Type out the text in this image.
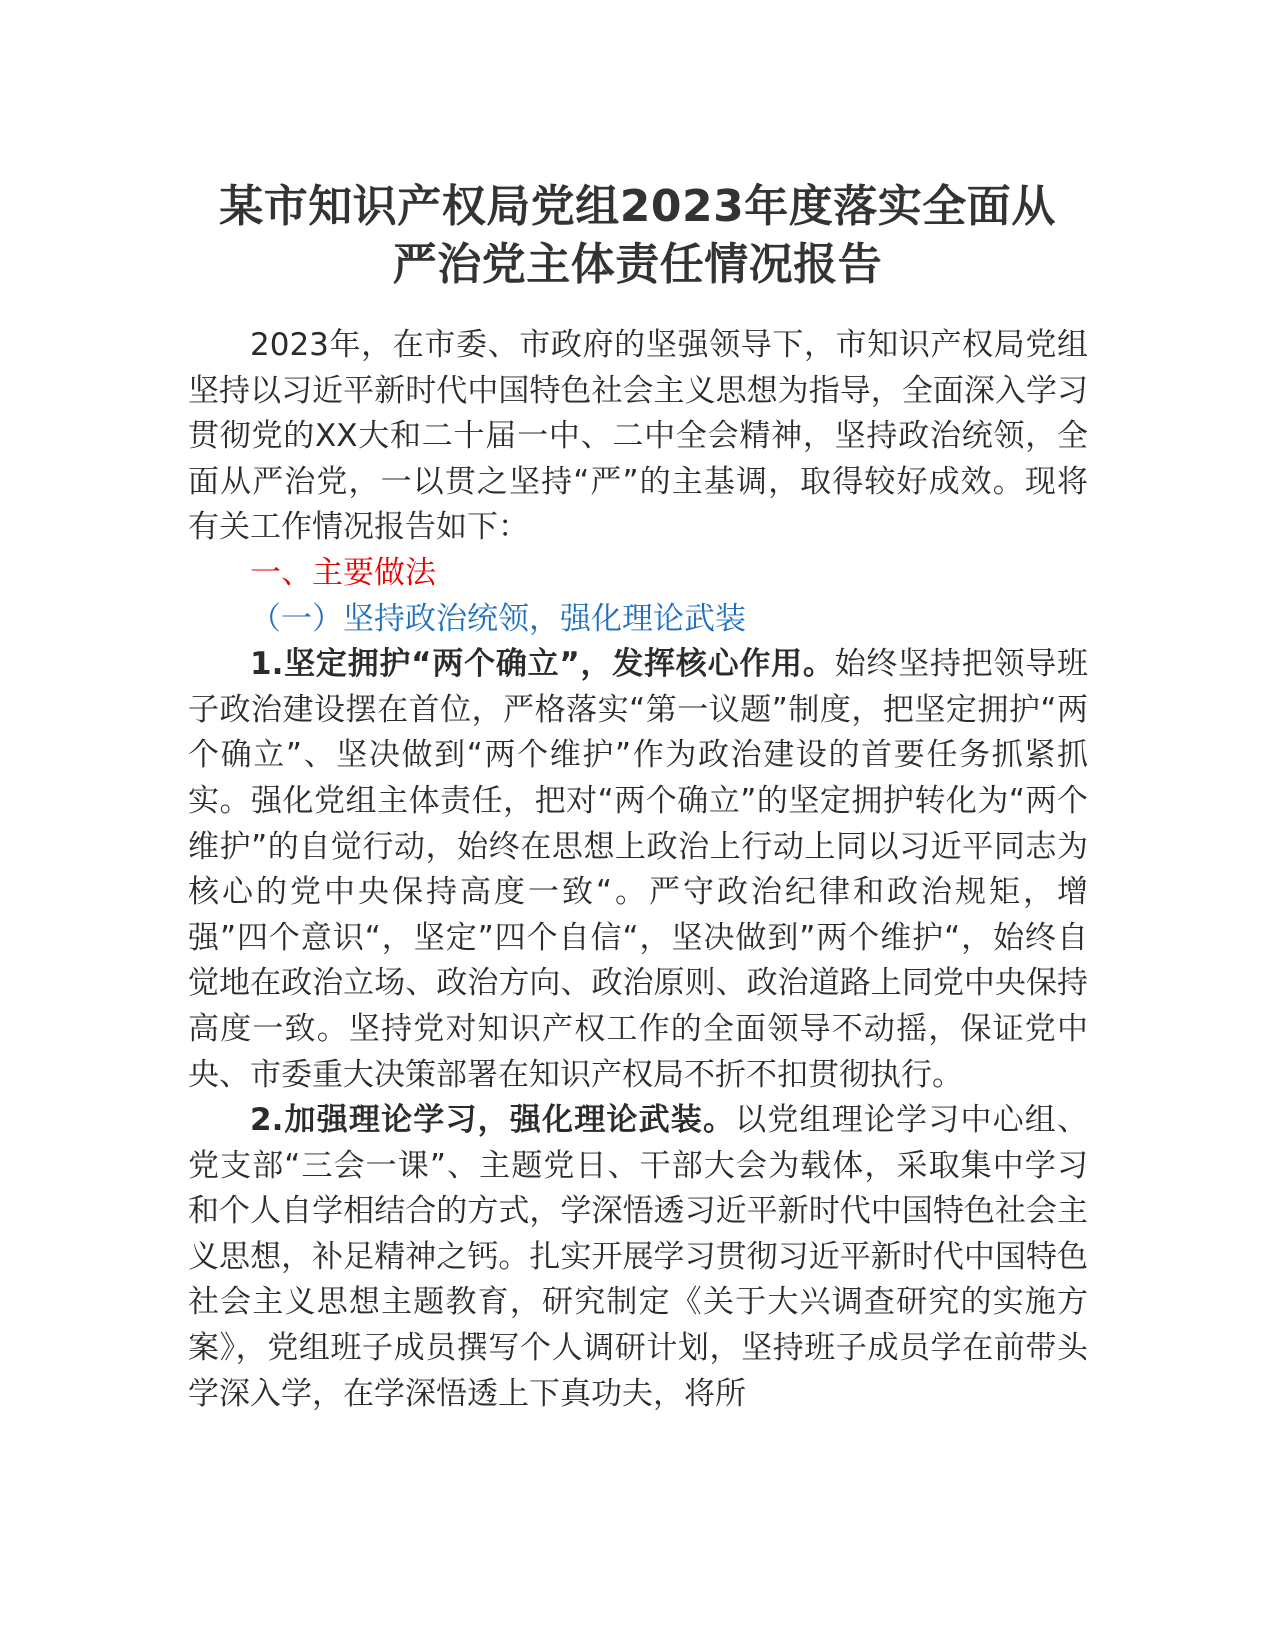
某市知识产权局党组2023年度落实全面从
严治党主体责任情况报告

2023年，在市委、市政府的坚强领导下，市知识产权局党组坚持以习近平新时代中国特色社会主义思想为指导，全面深入学习贯彻党的XX大和二十届一中、二中全会精神，坚持政治统领，全面从严治党，一以贯之坚持“严”的主基调，取得较好成效。现将有关工作情况报告如下：

一、主要做法

（一）坚持政治统领，强化理论武装

1.坚定拥护“两个确立”，发挥核心作用。始终坚持把领导班子政治建设摆在首位，严格落实“第一议题”制度，把坚定拥护“两个确立”、坚决做到“两个维护”作为政治建设的首要任务抓紧抓实。强化党组主体责任，把对“两个确立”的坚定拥护转化为“两个维护”的自觉行动，始终在思想上政治上行动上同以习近平同志为核心的党中央保持高度一致“。严守政治纪律和政治规矩，增强”四个意识“，坚定”四个自信“，坚决做到”两个维护“，始终自觉地在政治立场、政治方向、政治原则、政治道路上同党中央保持高度一致。坚持党对知识产权工作的全面领导不动摇，保证党中央、市委重大决策部署在知识产权局不折不扣贯彻执行。

2.加强理论学习，强化理论武装。以党组理论学习中心组、党支部“三会一课”、主题党日、干部大会为载体，采取集中学习和个人自学相结合的方式，学深悟透习近平新时代中国特色社会主义思想，补足精神之钙。扎实开展学习贯彻习近平新时代中国特色社会主义思想主题教育，研究制定《关于大兴调查研究的实施方案》，党组班子成员撰写个人调研计划，坚持班子成员学在前带头学深入学，在学深悟透上下真功夫，将所
